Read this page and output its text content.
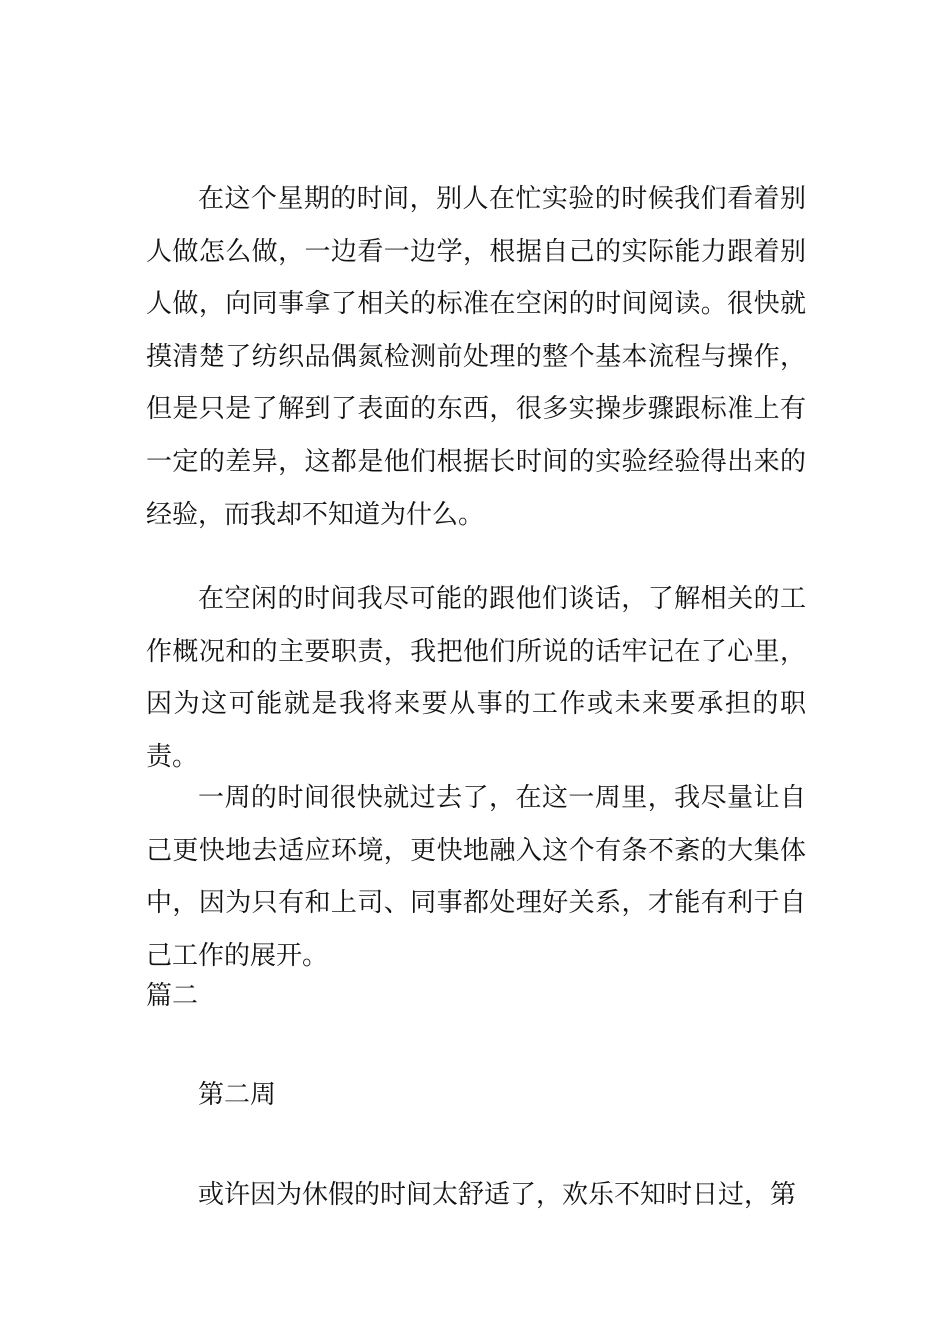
在这个星期的时间，别人在忙实验的时候我们看着别人做怎么做，一边看一边学，根据自己的实际能力跟着别人做，向同事拿了相关的标准在空闲的时间阅读。很快就摸清楚了纺织品偶氮检测前处理的整个基本流程与操作，但是只是了解到了表面的东西，很多实操步骤跟标准上有一定的差异，这都是他们根据长时间的实验经验得出来的经验，而我却不知道为什么。

在空闲的时间我尽可能的跟他们谈话，了解相关的工作概况和的主要职责，我把他们所说的话牢记在了心里，因为这可能就是我将来要从事的工作或未来要承担的职责。

一周的时间很快就过去了，在这一周里，我尽量让自己更快地去适应环境，更快地融入这个有条不紊的大集体中，因为只有和上司、同事都处理好关系，才能有利于自己工作的展开。

篇二

第二周

或许因为休假的时间太舒适了，欢乐不知时日过，第
